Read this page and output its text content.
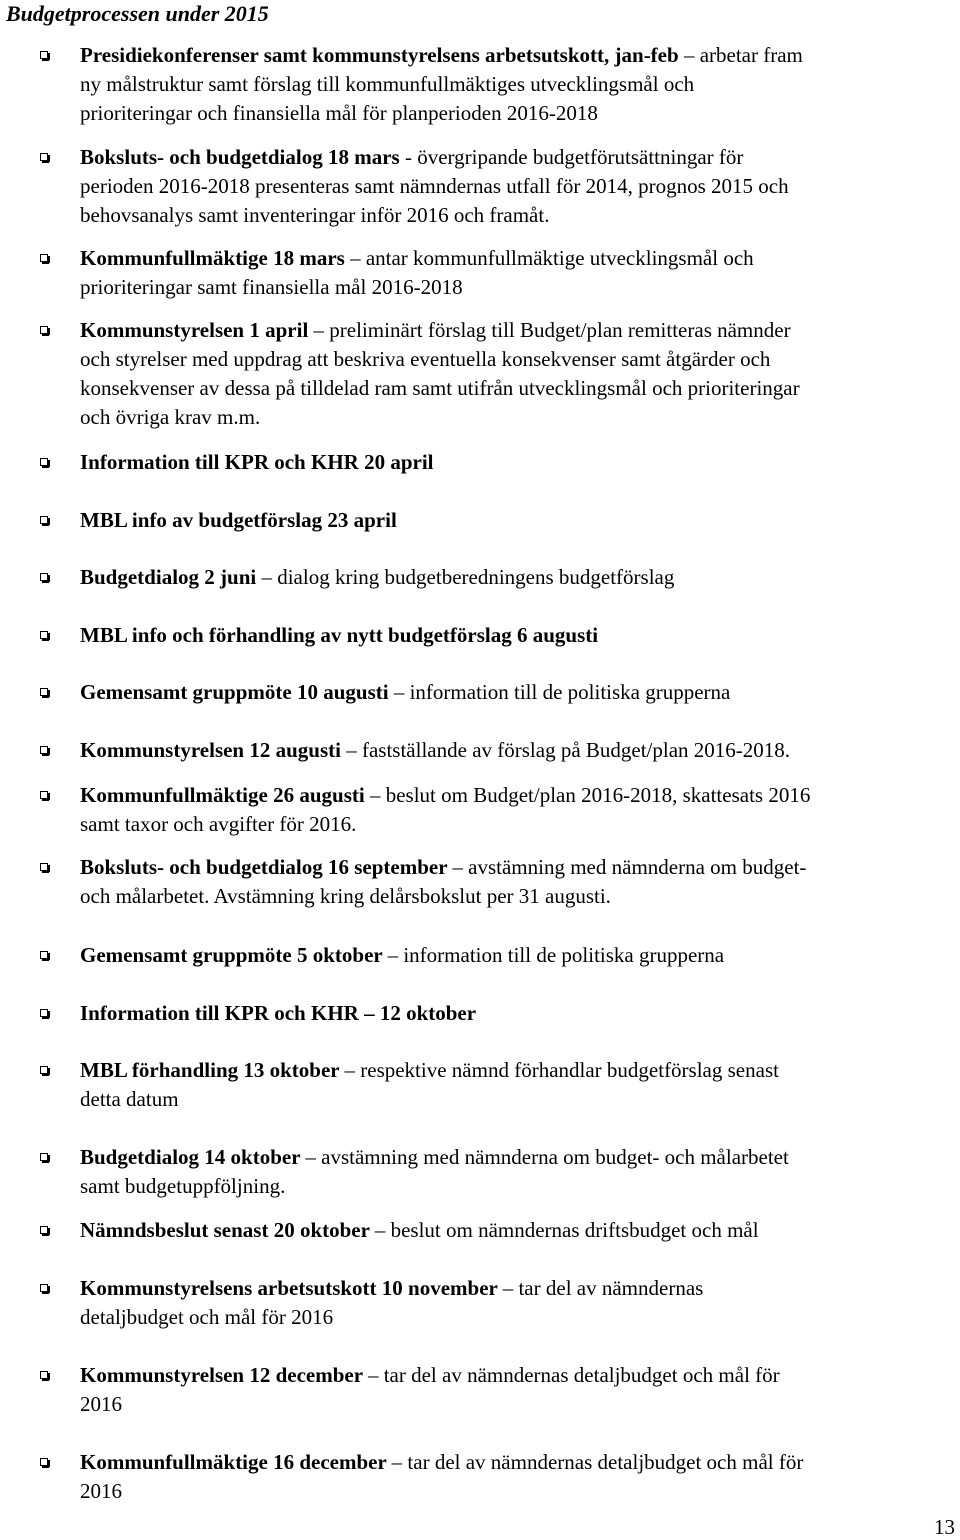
Budgetprocessen under 2015
Presidiekonferenser samt kommunstyrelsens arbetsutskott, jan-feb – arbetar fram
ny målstruktur samt förslag till kommunfullmäktiges utvecklingsmål och
prioriteringar och finansiella mål för planperioden 2016-2018
Boksluts- och budgetdialog 18 mars - övergripande budgetförutsättningar för
perioden 2016-2018 presenteras samt nämndernas utfall för 2014, prognos 2015 och
behovsanalys samt inventeringar inför 2016 och framåt.
Kommunfullmäktige 18 mars – antar kommunfullmäktige utvecklingsmål och
prioriteringar samt finansiella mål 2016-2018
Kommunstyrelsen 1 april – preliminärt förslag till Budget/plan remitteras nämnder
och styrelser med uppdrag att beskriva eventuella konsekvenser samt åtgärder och
konsekvenser av dessa på tilldelad ram samt utifrån utvecklingsmål och prioriteringar
och övriga krav m.m.
Information till KPR och KHR 20 april
MBL info av budgetförslag 23 april
Budgetdialog 2 juni – dialog kring budgetberedningens budgetförslag
MBL info och förhandling av nytt budgetförslag 6 augusti
Gemensamt gruppmöte 10 augusti – information till de politiska grupperna
Kommunstyrelsen 12 augusti – fastställande av förslag på Budget/plan 2016-2018.
Kommunfullmäktige 26 augusti – beslut om Budget/plan 2016-2018, skattesats 2016
samt taxor och avgifter för 2016.
Boksluts- och budgetdialog 16 september – avstämning med nämnderna om budget-
och målarbetet. Avstämning kring delårsbokslut per 31 augusti.
Gemensamt gruppmöte 5 oktober – information till de politiska grupperna
Information till KPR och KHR – 12 oktober
MBL förhandling 13 oktober – respektive nämnd förhandlar budgetförslag senast
detta datum
Budgetdialog 14 oktober – avstämning med nämnderna om budget- och målarbetet
samt budgetuppföljning.
Nämndsbeslut senast 20 oktober – beslut om nämndernas driftsbudget och mål
Kommunstyrelsens arbetsutskott 10 november – tar del av nämndernas
detaljbudget och mål för 2016
Kommunstyrelsen 12 december – tar del av nämndernas detaljbudget och mål för
2016
Kommunfullmäktige 16 december – tar del av nämndernas detaljbudget och mål för
2016
13
